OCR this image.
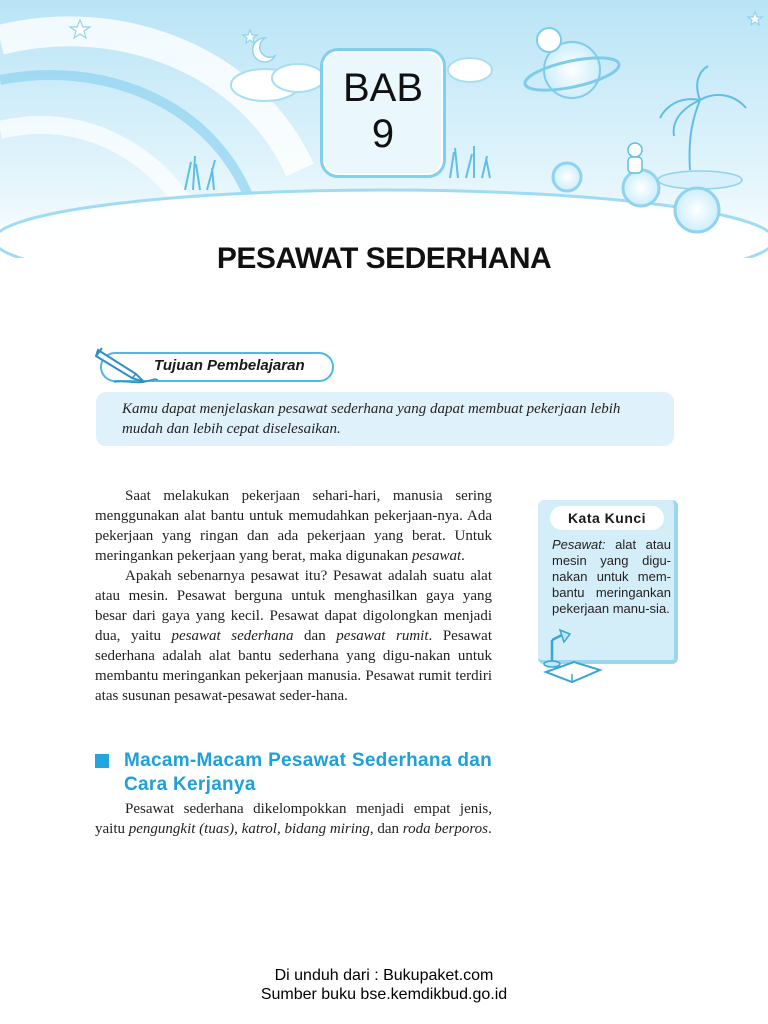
BAB
9
PESAWAT SEDERHANA
Tujuan Pembelajaran
Kamu dapat menjelaskan pesawat sederhana yang dapat membuat pekerjaan lebih mudah dan lebih cepat diselesaikan.

Saat melakukan pekerjaan sehari-hari, manusia sering menggunakan alat bantu untuk memudahkan pekerjaan-nya. Ada pekerjaan yang ringan dan ada pekerjaan yang berat. Untuk meringankan pekerjaan yang berat, maka digunakan pesawat.

Apakah sebenarnya pesawat itu? Pesawat adalah suatu alat atau mesin. Pesawat berguna untuk menghasilkan gaya yang besar dari gaya yang kecil. Pesawat dapat digolongkan menjadi dua, yaitu pesawat sederhana dan pesawat rumit. Pesawat sederhana adalah alat bantu sederhana yang digu-nakan untuk membantu meringankan pekerjaan manusia. Pesawat rumit terdiri atas susunan pesawat-pesawat seder-hana.

Macam-Macam Pesawat Sederhana dan Cara Kerjanya

Pesawat sederhana dikelompokkan menjadi empat jenis, yaitu pengungkit (tuas), katrol, bidang miring, dan roda berporos.

Kata Kunci
Pesawat: alat atau mesin yang digu-nakan untuk mem-bantu meringankan pekerjaan manu-sia.
Di unduh dari : Bukupaket.com
Sumber buku bse.kemdikbud.go.id
